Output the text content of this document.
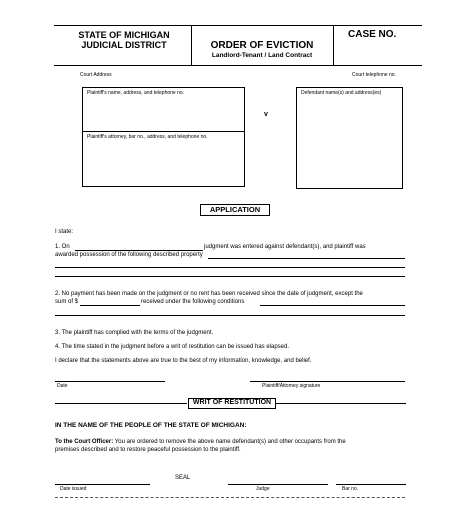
STATE OF MICHIGAN
JUDICIAL DISTRICT	ORDER OF EVICTION
Landlord-Tenant / Land Contract
CASE NO.
Court Address	Court telephone no.
Plaintiff's name, address, and telephone no.
Plaintiff's attorney, bar no., address, and telephone no.
v
Defendant name(s) and address(es)
APPLICATION
I state:
1. On	judgment was entered against defendant(s), and plaintiff was
awarded possession of the following described property
2. No payment has been made on the judgment or no rent has been received since the date of judgment, except the
sum of $	received under the following conditions
3. The plaintiff has complied with the terms of the judgment.
4. The time stated in the judgment before a writ of restitution can be issued has elapsed.
I declare that the statements above are true to the best of my information, knowledge, and belief.
Date	Plaintiff/Attorney signature
WRIT OF RESTITUTION
IN THE NAME OF THE PEOPLE OF THE STATE OF MICHIGAN:
To the Court Officer: You are ordered to remove the above name defendant(s) and other occupants from the
premises described and to restore peaceful possession to the plaintiff.
SEAL
Date issued	Judge	Bar no.
